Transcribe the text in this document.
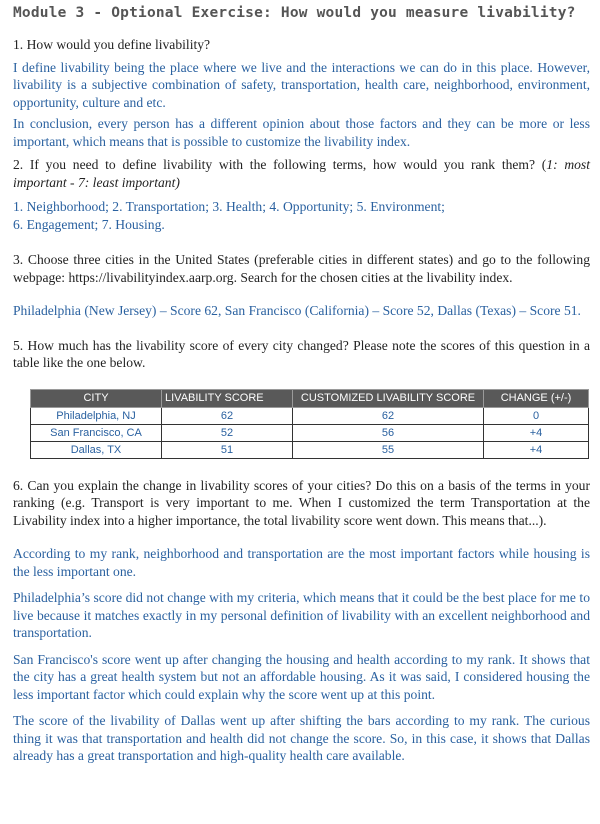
Module 3 - Optional Exercise: How would you measure livability?

1. How would you define livability?

I define livability being the place where we live and the interactions we can do in this place. However, livability is a subjective combination of safety, transportation, health care, neighborhood, environment, opportunity, culture and etc.

In conclusion, every person has a different opinion about those factors and they can be more or less important, which means that is possible to customize the livability index.

2. If you need to define livability with the following terms, how would you rank them? (1: most important - 7: least important)

1. Neighborhood; 2. Transportation; 3. Health; 4. Opportunity; 5. Environment;

6. Engagement; 7. Housing.

3. Choose three cities in the United States (preferable cities in different states) and go to the following webpage: https://livabilityindex.aarp.org. Search for the chosen cities at the livability index.

Philadelphia (New Jersey) – Score 62, San Francisco (California) – Score 52, Dallas (Texas) – Score 51.

5. How much has the livability score of every city changed? Please note the scores of this question in a table like the one below.

CITY	LIVABILITY SCORE	CUSTOMIZED LIVABILITY SCORE	CHANGE (+/-)
Philadelphia, NJ	62	62	0
San Francisco, CA	52	56	+4
Dallas, TX	51	55	+4

6. Can you explain the change in livability scores of your cities? Do this on a basis of the terms in your ranking (e.g. Transport is very important to me. When I customized the term Transportation at the Livability index into a higher importance, the total livability score went down. This means that...).

According to my rank, neighborhood and transportation are the most important factors while housing is the less important one.

Philadelphia’s score did not change with my criteria, which means that it could be the best place for me to live because it matches exactly in my personal definition of livability with an excellent neighborhood and transportation.

San Francisco's score went up after changing the housing and health according to my rank. It shows that the city has a great health system but not an affordable housing. As it was said, I considered housing the less important factor which could explain why the score went up at this point.

The score of the livability of Dallas went up after shifting the bars according to my rank. The curious thing it was that transportation and health did not change the score. So, in this case, it shows that Dallas already has a great transportation and high-quality health care available.
